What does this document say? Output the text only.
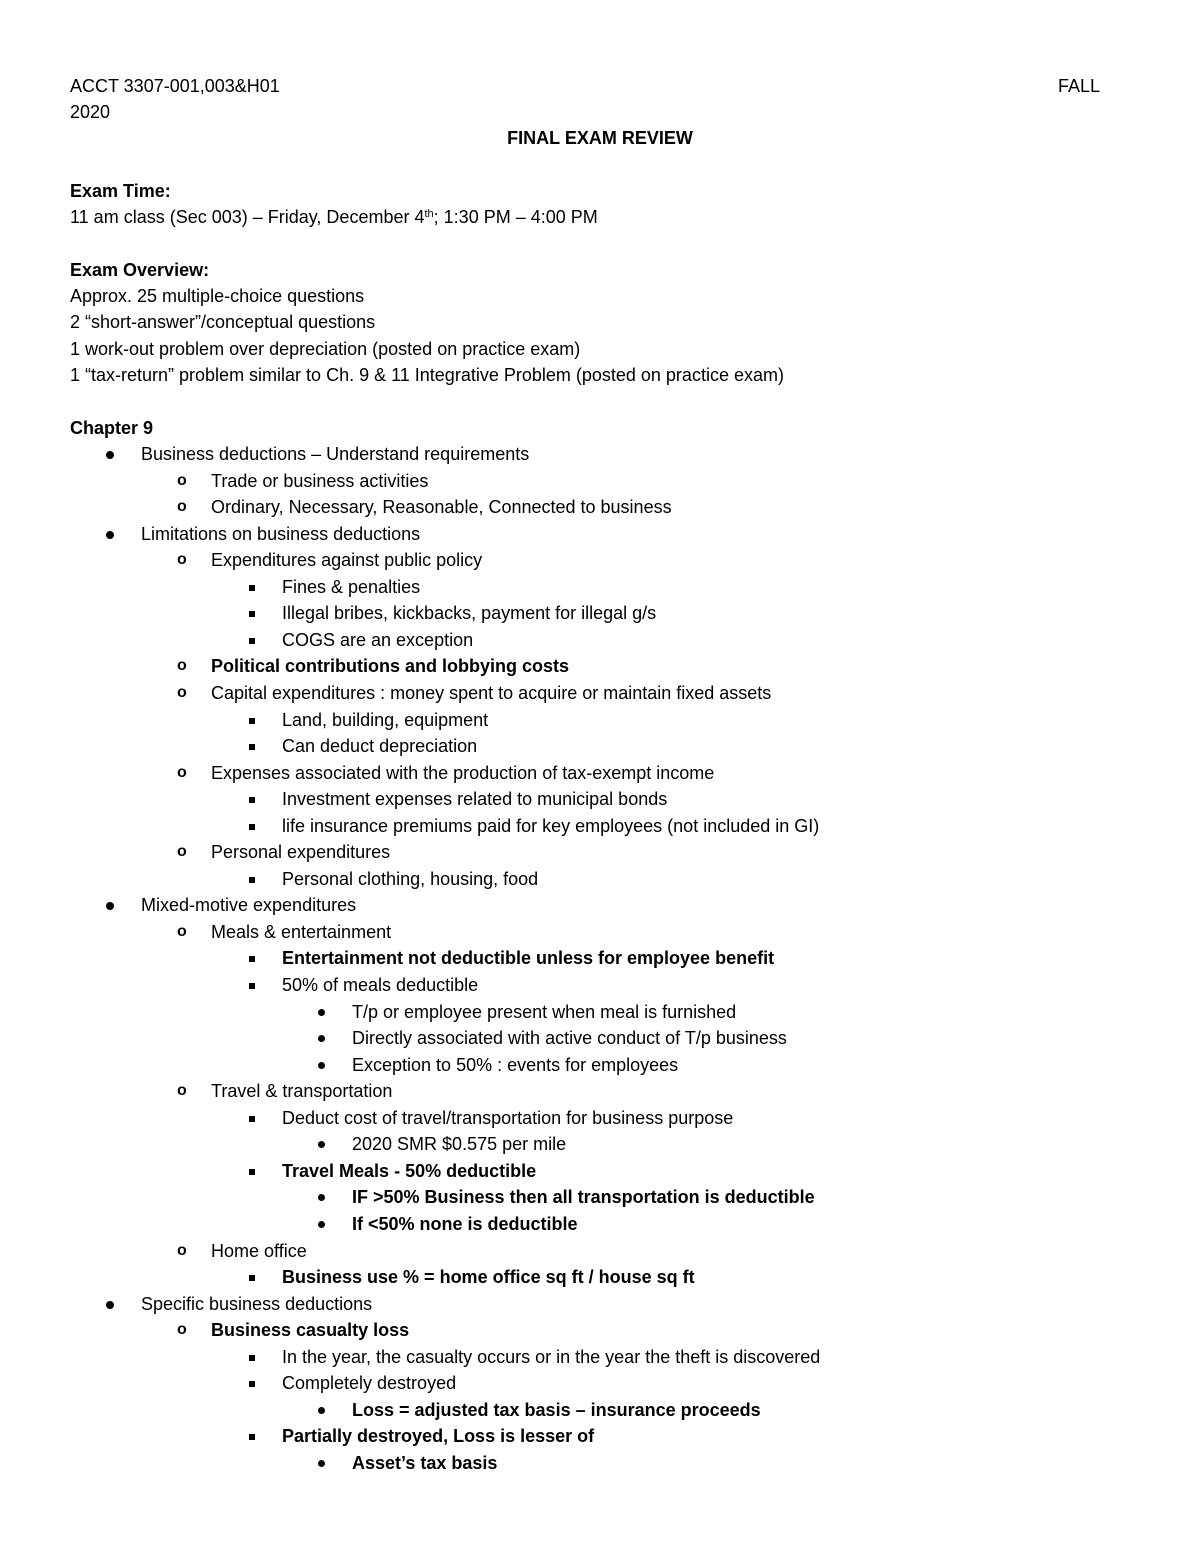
ACCT 3307-001,003&H01	FALL
2020
FINAL EXAM REVIEW
Exam Time:
11 am class (Sec 003) – Friday, December 4th; 1:30 PM – 4:00 PM
Exam Overview:
Approx. 25 multiple-choice questions
2 “short-answer”/conceptual questions
1 work-out problem over depreciation (posted on practice exam)
1 “tax-return” problem similar to Ch. 9 & 11 Integrative Problem (posted on practice exam)
Chapter 9
Business deductions – Understand requirements
o Trade or business activities
o Ordinary, Necessary, Reasonable, Connected to business
Limitations on business deductions
o Expenditures against public policy
Fines & penalties
Illegal bribes, kickbacks, payment for illegal g/s
COGS are an exception
o Political contributions and lobbying costs
o Capital expenditures : money spent to acquire or maintain fixed assets
Land, building, equipment
Can deduct depreciation
o Expenses associated with the production of tax-exempt income
Investment expenses related to municipal bonds
life insurance premiums paid for key employees (not included in GI)
o Personal expenditures
Personal clothing, housing, food
Mixed-motive expenditures
o Meals & entertainment
Entertainment not deductible unless for employee benefit
50% of meals deductible
T/p or employee present when meal is furnished
Directly associated with active conduct of T/p business
Exception to 50% : events for employees
o Travel & transportation
Deduct cost of travel/transportation for business purpose
2020 SMR $0.575 per mile
Travel Meals - 50% deductible
IF >50% Business then all transportation is deductible
If <50% none is deductible
o Home office
Business use % = home office sq ft / house sq ft
Specific business deductions
o Business casualty loss
In the year, the casualty occurs or in the year the theft is discovered
Completely destroyed
Loss = adjusted tax basis – insurance proceeds
Partially destroyed, Loss is lesser of
Asset’s tax basis
